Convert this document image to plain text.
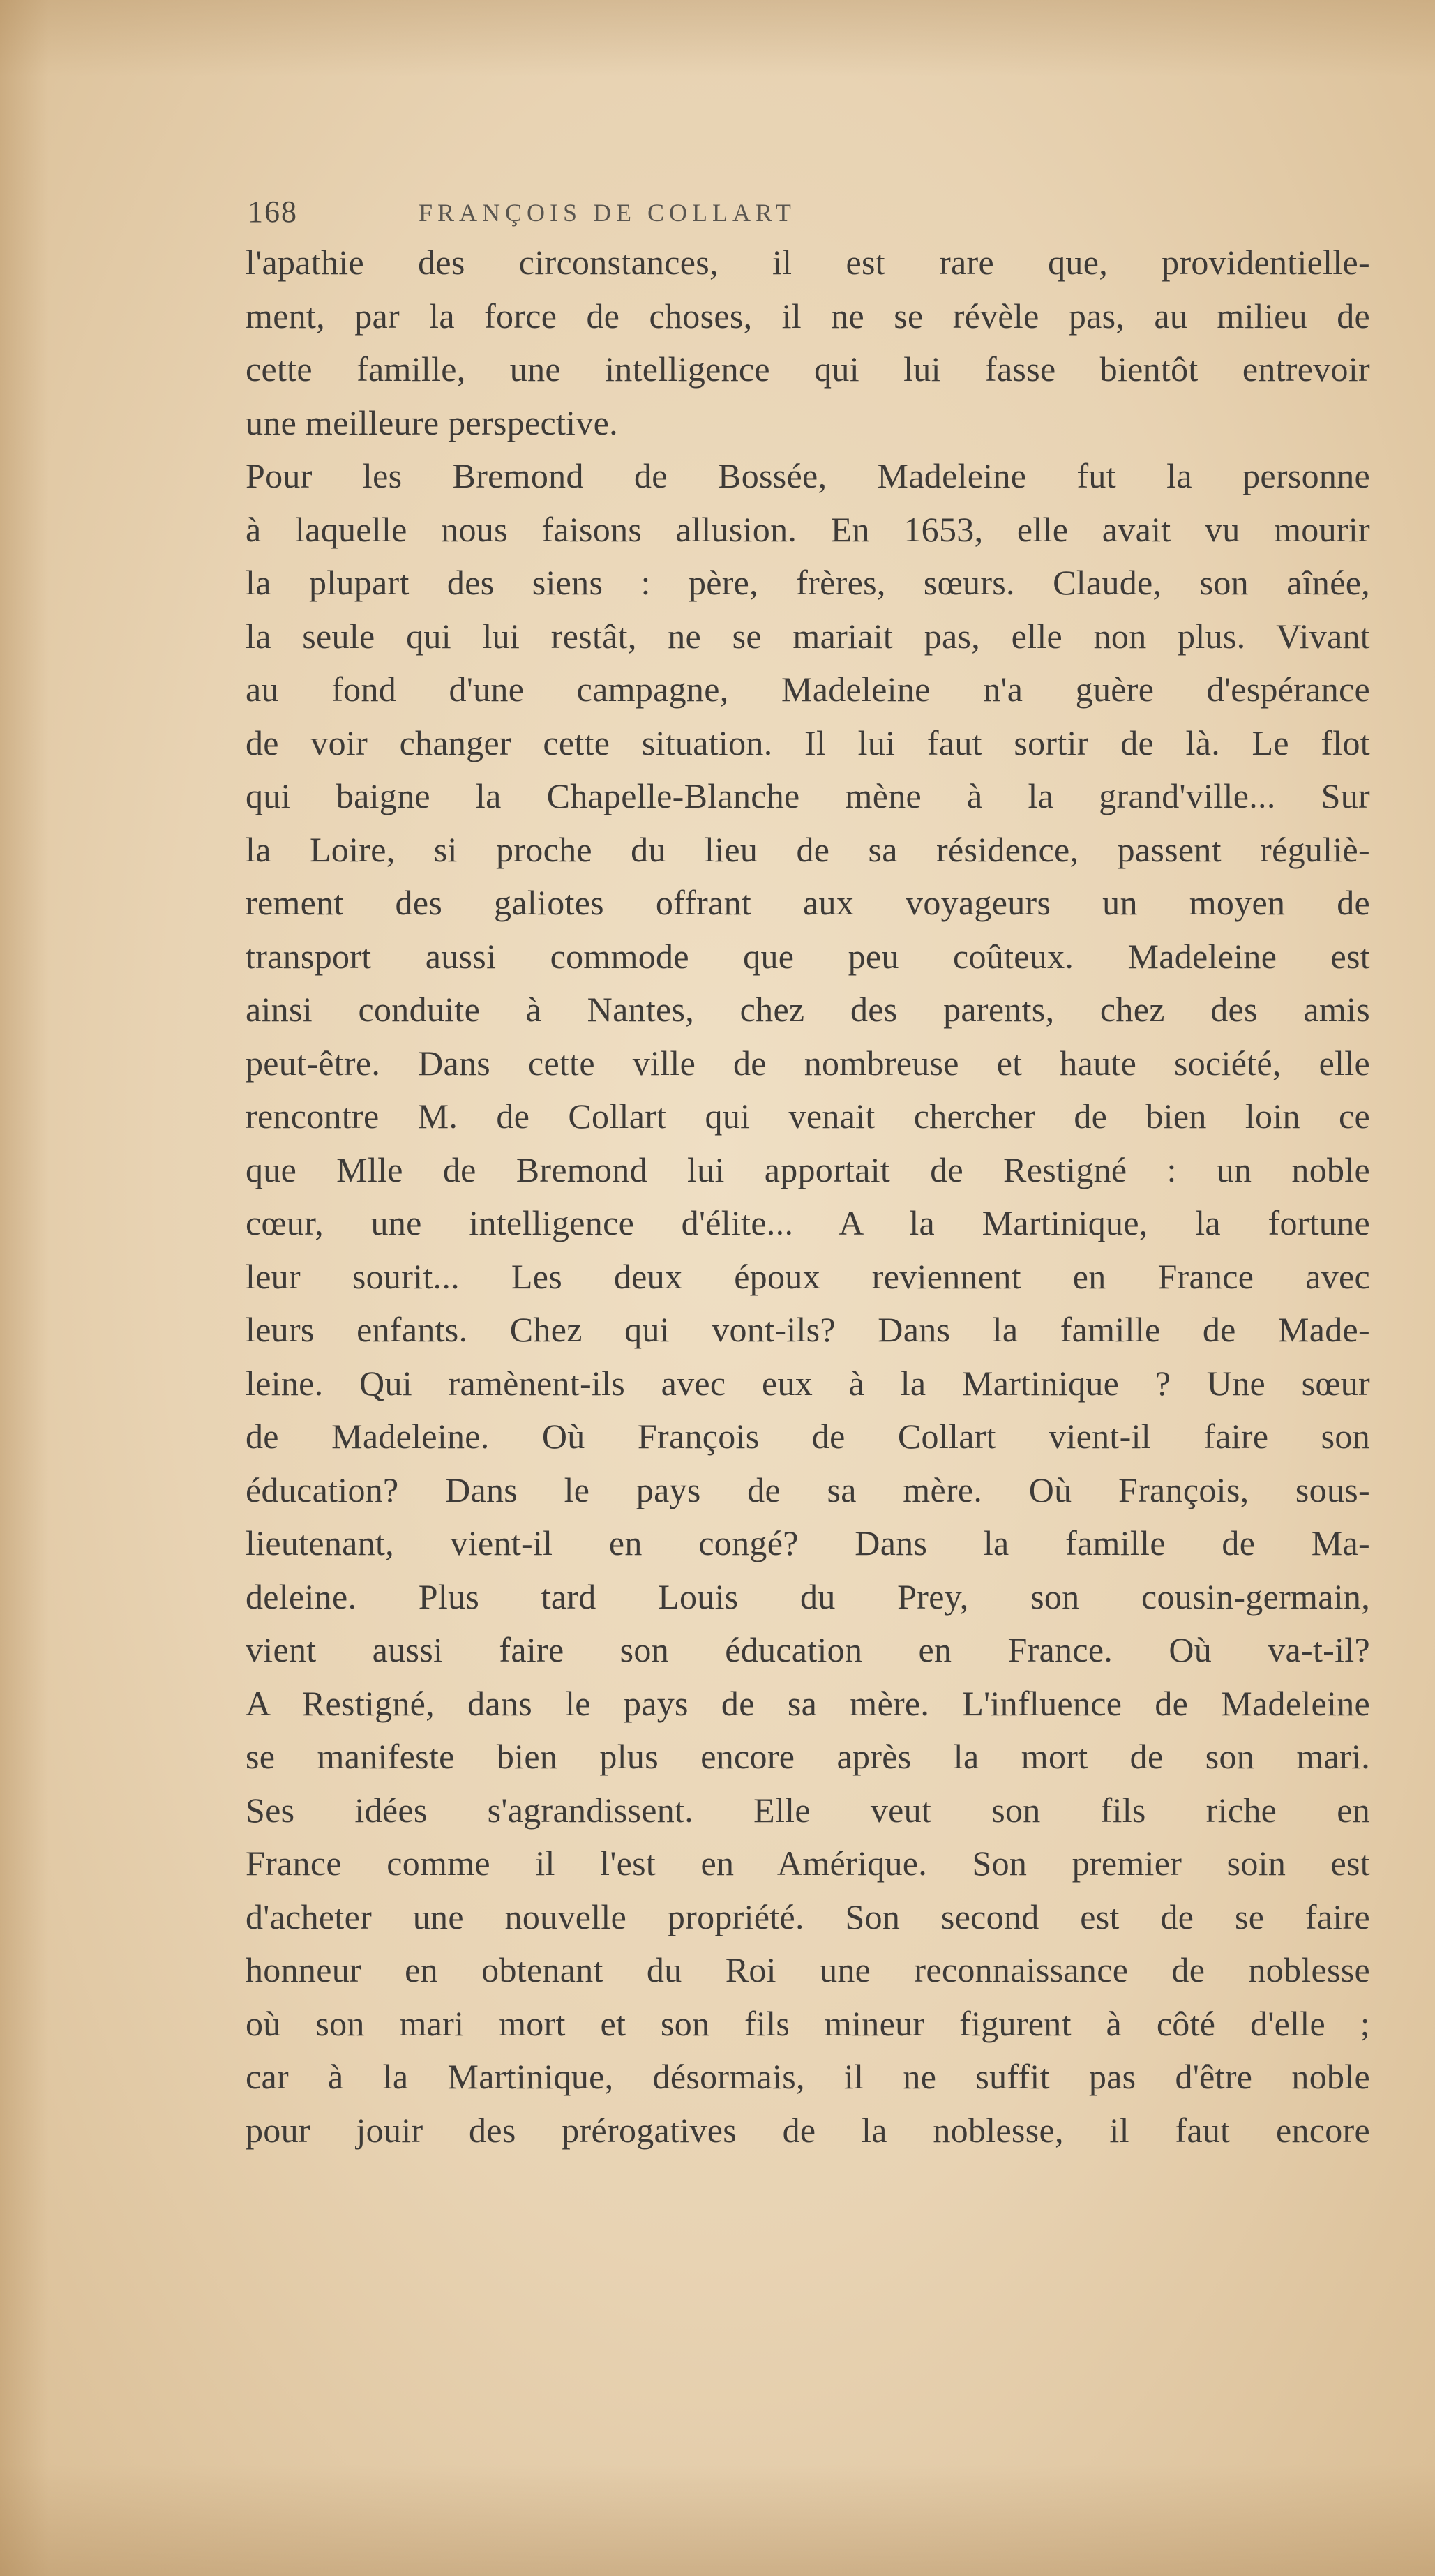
168	FRANÇOIS DE COLLART
l'apathie des circonstances, il est rare que, providentielle-
ment, par la force de choses, il ne se révèle pas, au milieu de
cette famille, une intelligence qui lui fasse bientôt entrevoir
une meilleure perspective.
Pour les Bremond de Bossée, Madeleine fut la personne
à laquelle nous faisons allusion. En 1653, elle avait vu mourir
la plupart des siens : père, frères, sœurs. Claude, son aînée,
la seule qui lui restât, ne se mariait pas, elle non plus. Vivant
au fond d'une campagne, Madeleine n'a guère d'espérance
de voir changer cette situation. Il lui faut sortir de là. Le flot
qui baigne la Chapelle-Blanche mène à la grand'ville... Sur
la Loire, si proche du lieu de sa résidence, passent réguliè-
rement des galiotes offrant aux voyageurs un moyen de
transport aussi commode que peu coûteux. Madeleine est
ainsi conduite à Nantes, chez des parents, chez des amis
peut-être. Dans cette ville de nombreuse et haute société, elle
rencontre M. de Collart qui venait chercher de bien loin ce
que Mlle de Bremond lui apportait de Restigné : un noble
cœur, une intelligence d'élite... A la Martinique, la fortune
leur sourit... Les deux époux reviennent en France avec
leurs enfants. Chez qui vont-ils? Dans la famille de Made-
leine. Qui ramènent-ils avec eux à la Martinique ? Une sœur
de Madeleine. Où François de Collart vient-il faire son
éducation? Dans le pays de sa mère. Où François, sous-
lieutenant, vient-il en congé? Dans la famille de Ma-
deleine. Plus tard Louis du Prey, son cousin-germain,
vient aussi faire son éducation en France. Où va-t-il?
A Restigné, dans le pays de sa mère. L'influence de Madeleine
se manifeste bien plus encore après la mort de son mari.
Ses idées s'agrandissent. Elle veut son fils riche en
France comme il l'est en Amérique. Son premier soin est
d'acheter une nouvelle propriété. Son second est de se faire
honneur en obtenant du Roi une reconnaissance de noblesse
où son mari mort et son fils mineur figurent à côté d'elle ;
car à la Martinique, désormais, il ne suffit pas d'être noble
pour jouir des prérogatives de la noblesse, il faut encore
